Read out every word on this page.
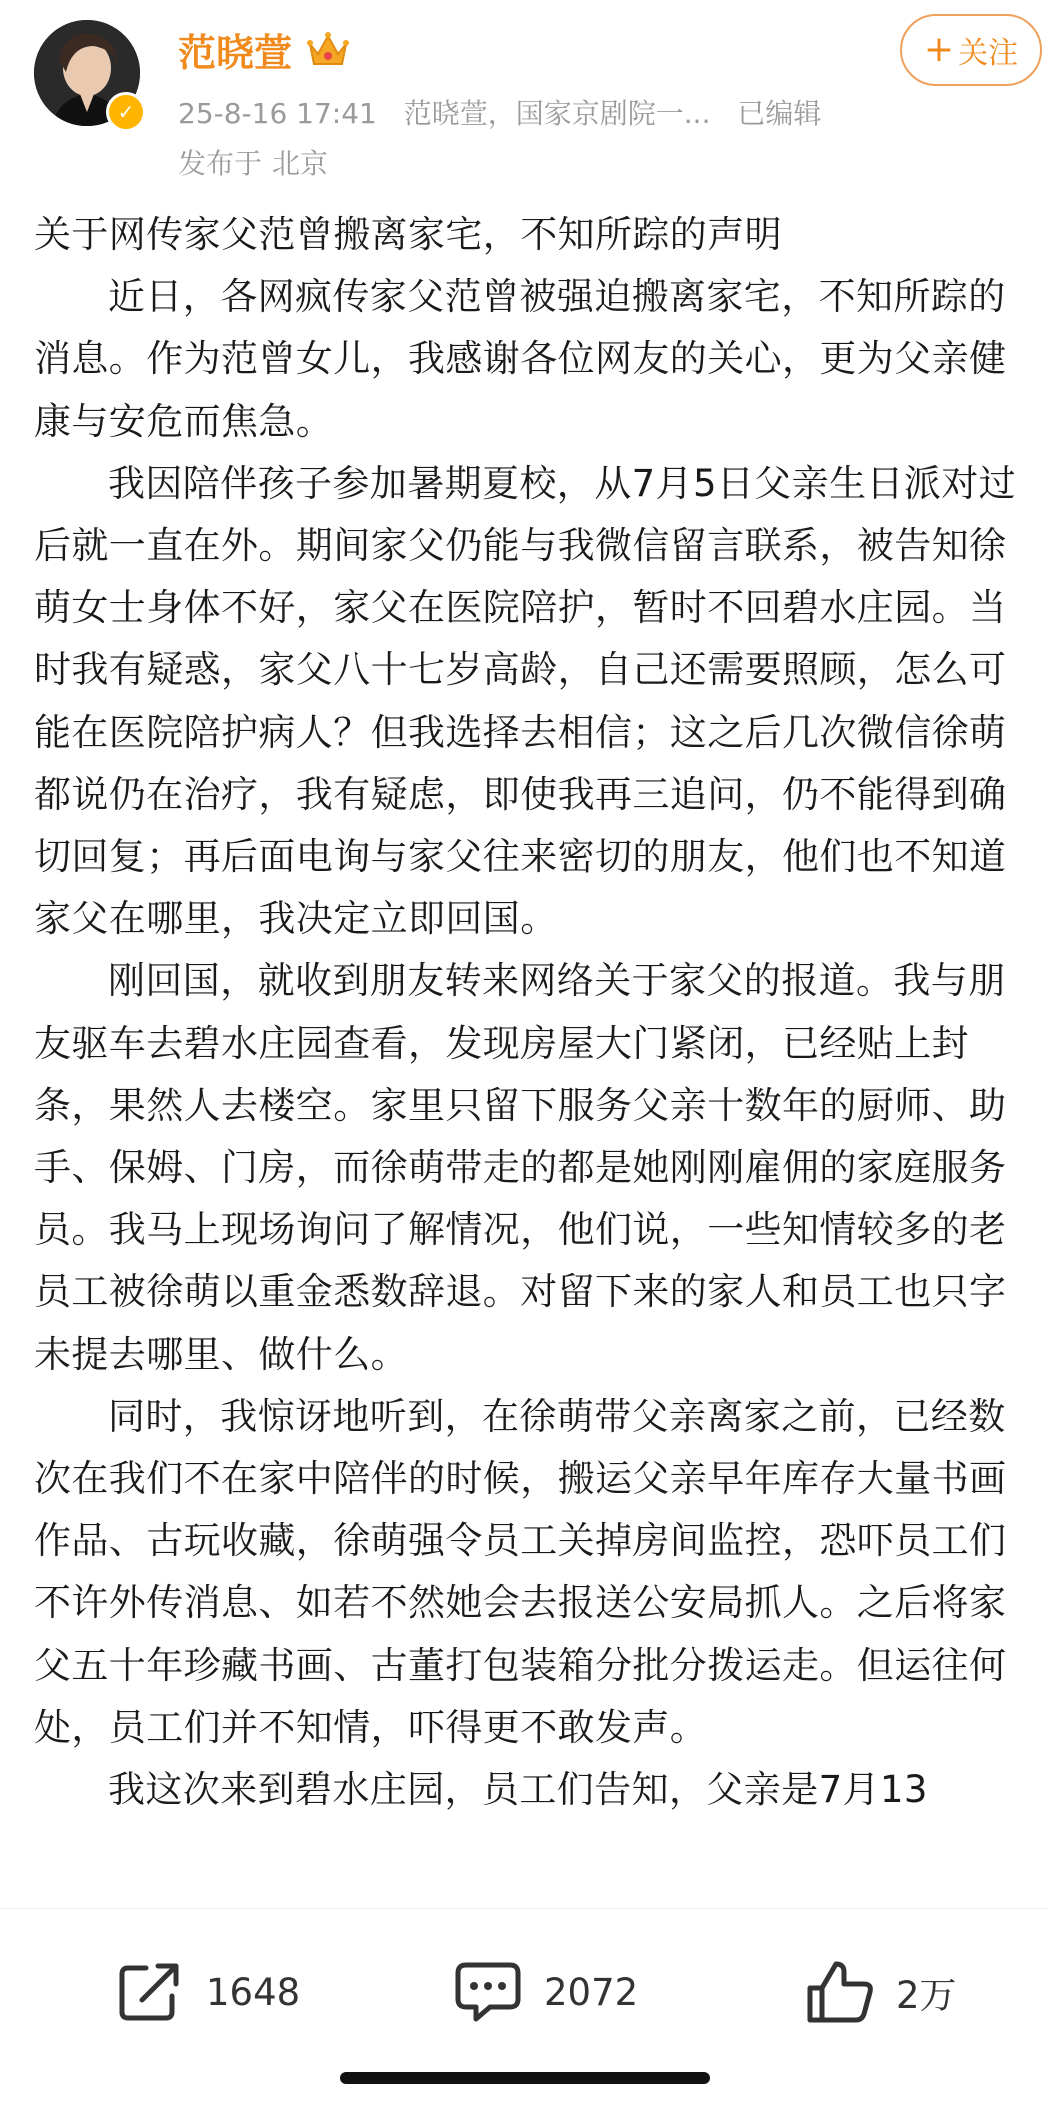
✓
范晓萱
25-8-16 17:41 范晓萱，国家京剧院一... 已编辑
发布于 北京
+ 关注

关于网传家父范曾搬离家宅，不知所踪的声明

近日，各网疯传家父范曾被强迫搬离家宅，不知所踪的消息。作为范曾女儿，我感谢各位网友的关心，更为父亲健康与安危而焦急。

我因陪伴孩子参加暑期夏校，从7月5日父亲生日派对过后就一直在外。期间家父仍能与我微信留言联系，被告知徐萌女士身体不好，家父在医院陪护，暂时不回碧水庄园。当时我有疑惑，家父八十七岁高龄，自己还需要照顾，怎么可能在医院陪护病人？但我选择去相信；这之后几次微信徐萌都说仍在治疗，我有疑虑，即使我再三追问，仍不能得到确切回复；再后面电询与家父往来密切的朋友，他们也不知道家父在哪里，我决定立即回国。

刚回国，就收到朋友转来网络关于家父的报道。我与朋友驱车去碧水庄园查看，发现房屋大门紧闭，已经贴上封条，果然人去楼空。家里只留下服务父亲十数年的厨师、助手、保姆、门房，而徐萌带走的都是她刚刚雇佣的家庭服务员。我马上现场询问了解情况，他们说，一些知情较多的老员工被徐萌以重金悉数辞退。对留下来的家人和员工也只字未提去哪里、做什么。

同时，我惊讶地听到，在徐萌带父亲离家之前，已经数次在我们不在家中陪伴的时候，搬运父亲早年库存大量书画作品、古玩收藏，徐萌强令员工关掉房间监控，恐吓员工们不许外传消息、如若不然她会去报送公安局抓人。之后将家父五十年珍藏书画、古董打包装箱分批分拨运走。但运往何处，员工们并不知情，吓得更不敢发声。

我这次来到碧水庄园，员工们告知，父亲是7月13

1648	2072	2万
